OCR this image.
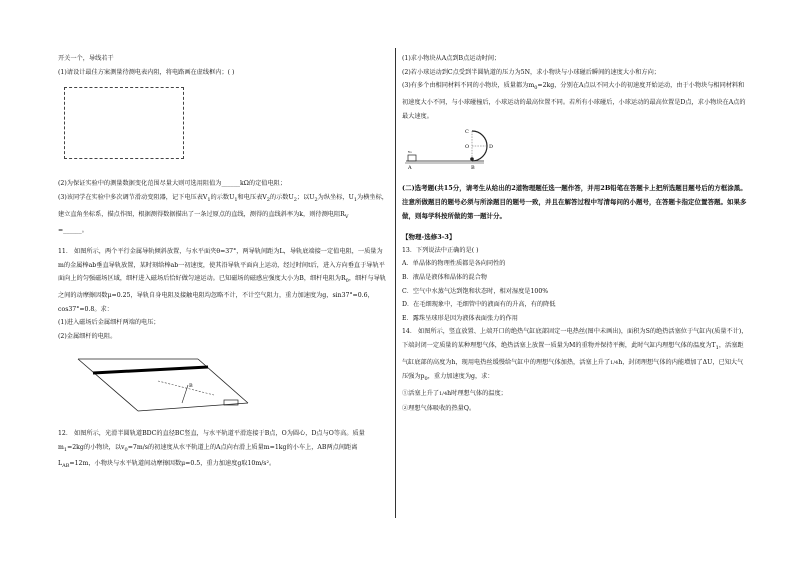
开关一个，导线若干

(1)请设计最佳方案测量待测电表内阻，将电路画在虚线框内；( )

(2)为保证实验中的测量数据变化范围尽量大则可选用阻值为______kΩ的定值电阻；

(3)该同学在实验中多次调节滑动变阻器，记下电压表$V_1$的示数$U_1$和电压表$V_2$的示数$U_2$；以$U_2$为纵坐标，$U_1$为横坐标，建立直角坐标系，描点作图，根据测得数据描出了一条过原点的直线，测得的直线斜率为k，则待测电阻$R_V$

=______。

11． 如图所示，两个平行金属导轨倾斜放置，与水平面夹θ=37°，两导轨间距为L，导轨底端接一定值电阻，一质量为m的金属棒ab垂直导轨放置，某时刻给棒ab一初速度，使其沿导轨平面向上运动，经过时间t后，进入方向垂直于导轨平面向上的匀强磁场区域，细杆进入磁场后恰好做匀速运动。已知磁场的磁感应强度大小为B，细杆电阻为$R_0$，细杆与导轨之间的动摩擦因数μ=0.25，导轨自身电阻及接触电阻均忽略不计，不计空气阻力，重力加速度为g，sin37°=0.6，cos37°=0.8。求：

(1)进入磁场后金属细杆两端的电压；

(2)金属细杆的电阻。

B

12． 如图所示，光滑半圆轨道BDC的直径BC竖直，与水平轨道平滑连接于B点，O为圆心，D点与O等高。质量$m_1=2kg$的小物块，以$v_0=7m/s$的初速度从水平轨道上的A点向右滑上质量m=1kg的小车上，AB两点间距离$L_{AB}=12m$，小物块与水平轨道间动摩擦因数μ=0.5，重力加速度g取10m/s²。

(1)求小物块从A点到B点运动时间；

(2)若小球运动到C点受到半圆轨道的压力为5N，求小物块与小球碰后瞬间的速度大小和方向；

(3)有多个由相同材料不同的小物块，质量都为$m_0=2kg$，分别在A点以不同大小的初速度开始运动，由于小物块与相同材料和初速度大小不同，与小球碰撞后，小球运动的最高位置不同。若所有小球碰后，小球运动的最高位置是D点，求小物块在A点的最大速度。

C
O	D
B
A
v₀

(二)选考题(共15分，请考生从给出的2道物理题任选一题作答，并用2B铅笔在答题卡上把所选题目题号后的方框涂黑。注意所做题目的题号必须与所涂题目的题号一致，并且在解答过程中写清每问的小题号，在答题卡指定位置答题。如果多做，则每学科按所做的第一题计分。

【物理-选修3-3】

13．下列说法中正确的是( )

A．单晶体的物理性质都是各向同性的

B．液晶是液体和晶体的混合物

C．空气中水蒸气达到饱和状态时，相对湿度是100%

D．在毛细现象中，毛细管中的液面有的升高，有的降低

E．露珠呈球形是因为液体表面张力的作用

14． 如图所示，竖直放置、上端开口的绝热气缸底部固定一电热丝(图中未画出)，面积为S的绝热活塞位于气缸内(质量不计)，下端封闭一定质量的某种理想气体，绝热活塞上放置一质量为M的重物并保持平衡，此时气缸内理想气体的温度为$T_1$，活塞距气缸底部的高度为h，现用电热丝缓慢给气缸中的理想气体加热，活塞上升了1/4h，封闭理想气体的内能增加了ΔU，已知大气压强为$p_0$，重力加速度为g，求：

①活塞上升了1/4h时理想气体的温度；

②理想气体吸收的热量Q。
